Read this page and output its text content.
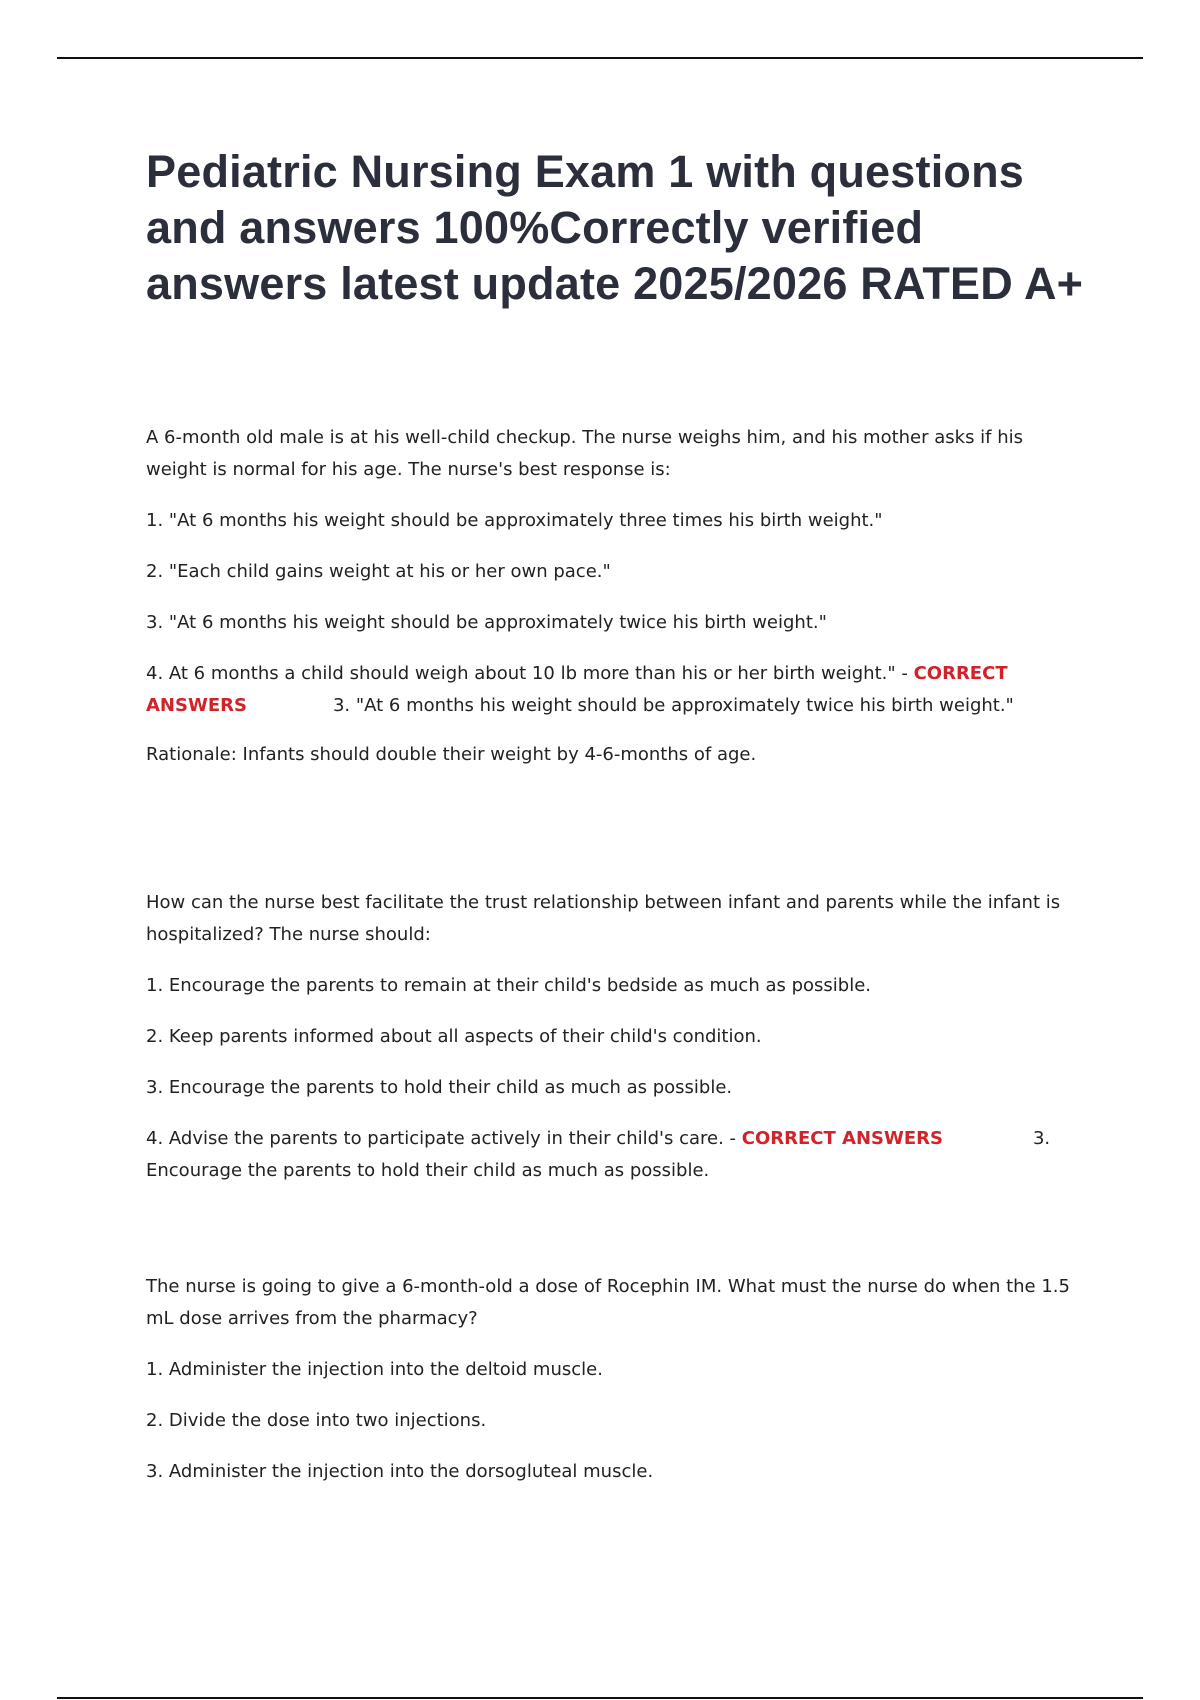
Pediatric Nursing Exam 1 with questions and answers 100%Correctly verified answers latest update 2025/2026 RATED A+

A 6-month old male is at his well-child checkup. The nurse weighs him, and his mother asks if his weight is normal for his age. The nurse's best response is:

1. "At 6 months his weight should be approximately three times his birth weight."

2. "Each child gains weight at his or her own pace."

3. "At 6 months his weight should be approximately twice his birth weight."

4. At 6 months a child should weigh about 10 lb more than his or her birth weight." - CORRECT ANSWERS	3. "At 6 months his weight should be approximately twice his birth weight."

Rationale: Infants should double their weight by 4-6-months of age.

How can the nurse best facilitate the trust relationship between infant and parents while the infant is hospitalized? The nurse should:

1. Encourage the parents to remain at their child's bedside as much as possible.

2. Keep parents informed about all aspects of their child's condition.

3. Encourage the parents to hold their child as much as possible.

4. Advise the parents to participate actively in their child's care. - CORRECT ANSWERS	3. Encourage the parents to hold their child as much as possible.

The nurse is going to give a 6-month-old a dose of Rocephin IM. What must the nurse do when the 1.5 mL dose arrives from the pharmacy?

1. Administer the injection into the deltoid muscle.

2. Divide the dose into two injections.

3. Administer the injection into the dorsogluteal muscle.
